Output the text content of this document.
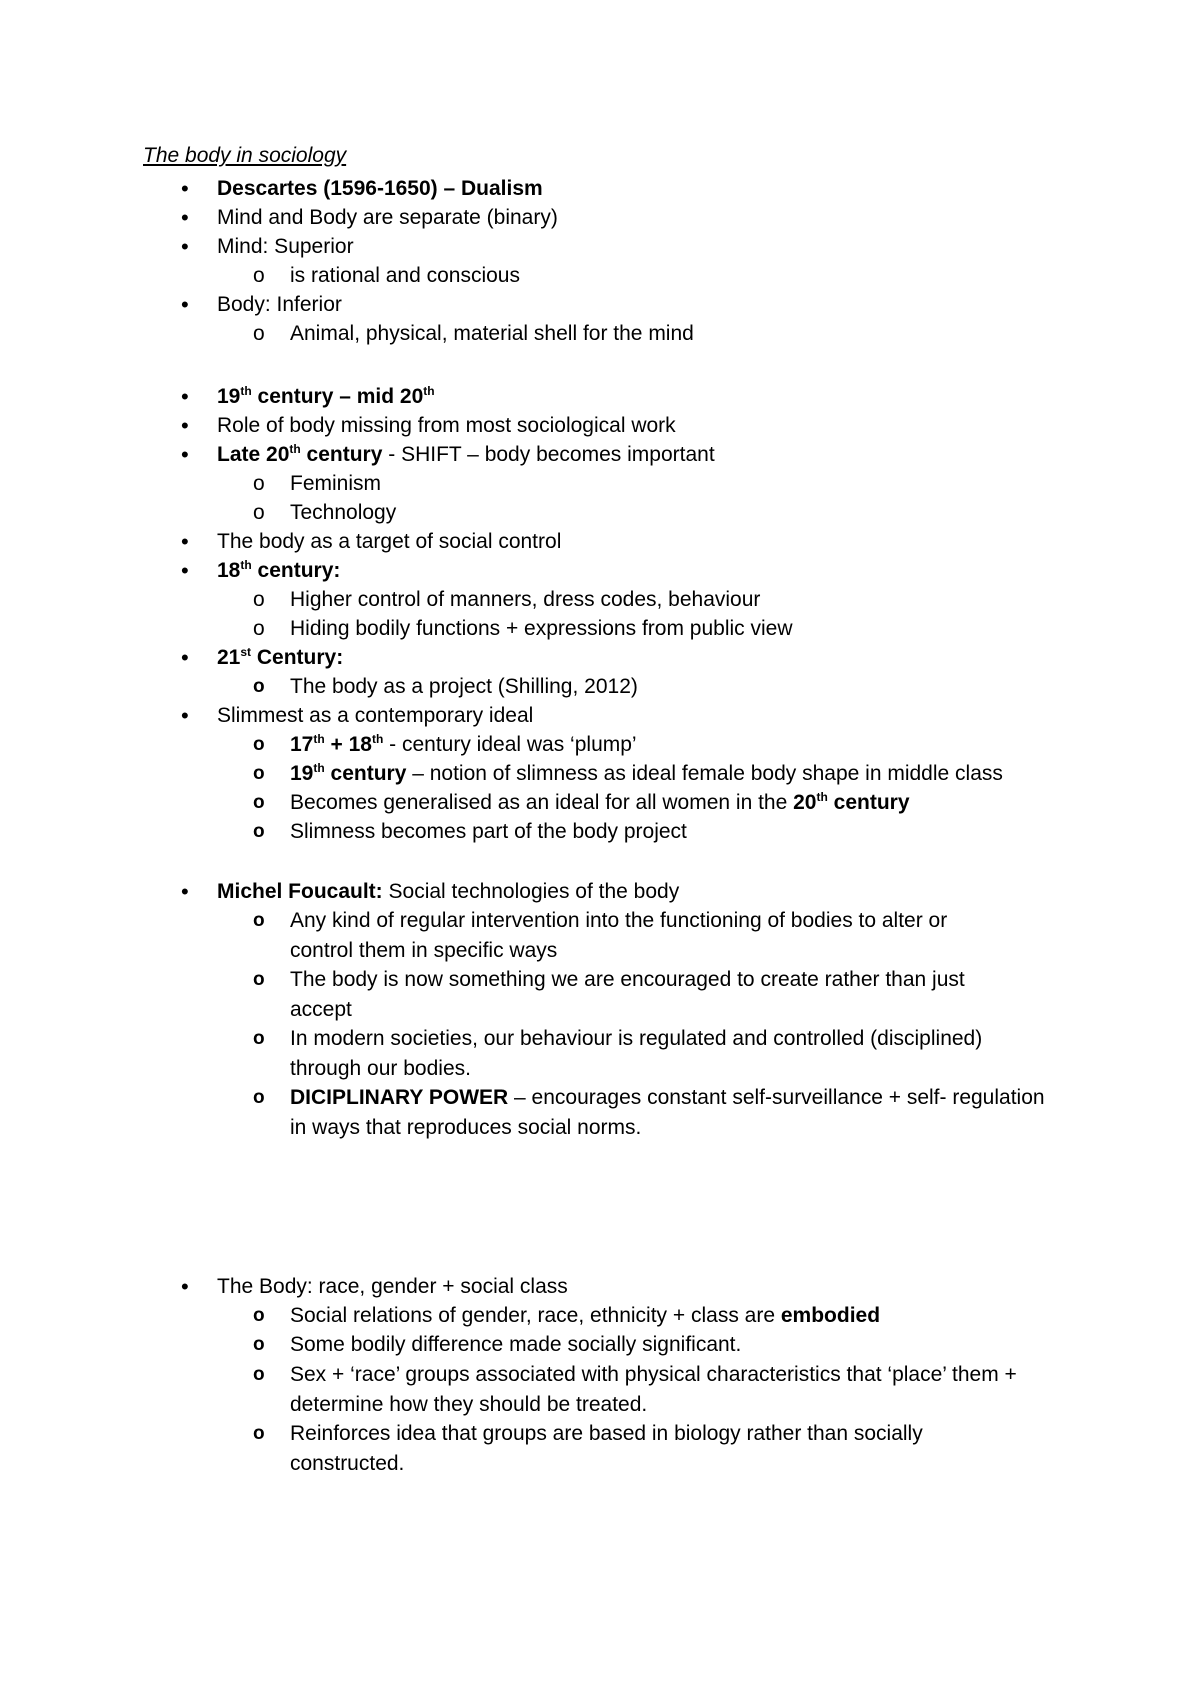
The body in sociology
• Descartes (1596-1650) – Dualism
• Mind and Body are separate (binary)
• Mind: Superior
o is rational and conscious
• Body: Inferior
o Animal, physical, material shell for the mind
• 19th century – mid 20th
• Role of body missing from most sociological work
• Late 20th century - SHIFT – body becomes important
o Feminism
o Technology
• The body as a target of social control
• 18th century:
o Higher control of manners, dress codes, behaviour
o Hiding bodily functions + expressions from public view
• 21st Century:
o The body as a project (Shilling, 2012)
• Slimmest as a contemporary ideal
o 17th + 18th - century ideal was ‘plump’
o 19th century – notion of slimness as ideal female body shape in middle class
o Becomes generalised as an ideal for all women in the 20th century
o Slimness becomes part of the body project
• Michel Foucault: Social technologies of the body
o Any kind of regular intervention into the functioning of bodies to alter or
control them in specific ways
o The body is now something we are encouraged to create rather than just
accept
o In modern societies, our behaviour is regulated and controlled (disciplined)
through our bodies.
o DICIPLINARY POWER – encourages constant self-surveillance + self- regulation
in ways that reproduces social norms.
• The Body: race, gender + social class
o Social relations of gender, race, ethnicity + class are embodied
o Some bodily difference made socially significant.
o Sex + ‘race’ groups associated with physical characteristics that ‘place’ them +
determine how they should be treated.
o Reinforces idea that groups are based in biology rather than socially
constructed.
